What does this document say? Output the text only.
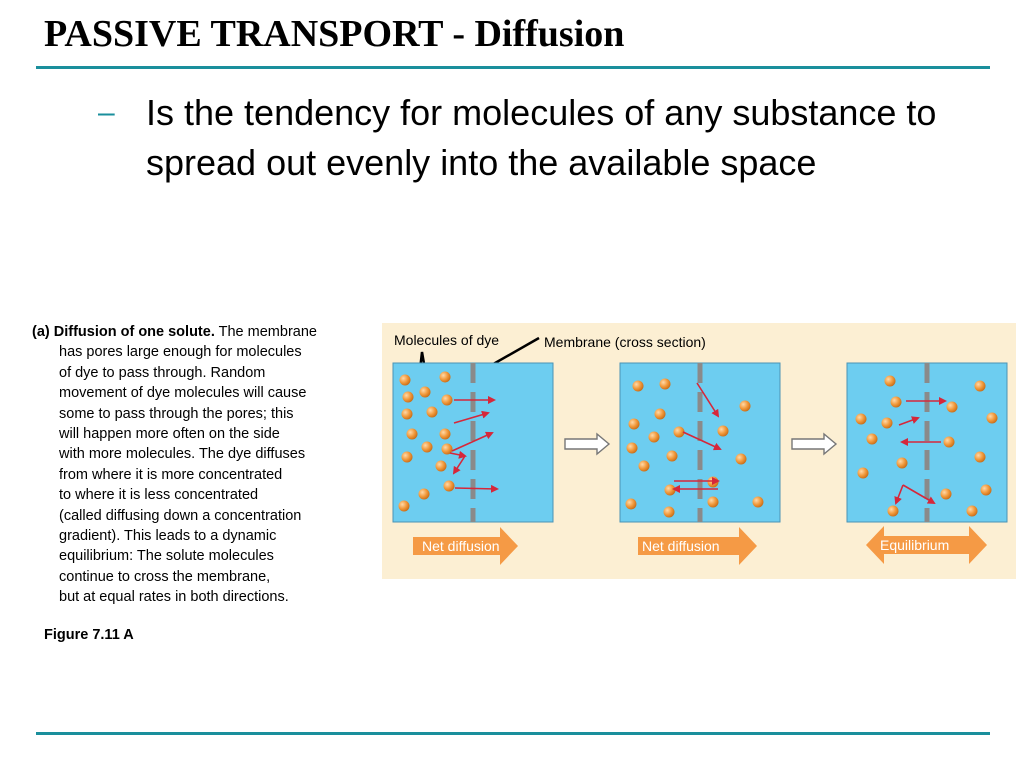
PASSIVE TRANSPORT - Diffusion
– Is the tendency for molecules of any substance to spread out evenly into the available space
(a) Diffusion of one solute. The membrane
has pores large enough for molecules
of dye to pass through. Random
movement of dye molecules will cause
some to pass through the pores; this
will happen more often on the side
with more molecules. The dye diffuses
from where it is more concentrated
to where it is less concentrated
(called diffusing down a concentration
gradient). This leads to a dynamic
equilibrium: The solute molecules
continue to cross the membrane,
but at equal rates in both directions.
Figure 7.11 A
Molecules of dye	Membrane (cross section)
Net diffusion	Net diffusion	Equilibrium
